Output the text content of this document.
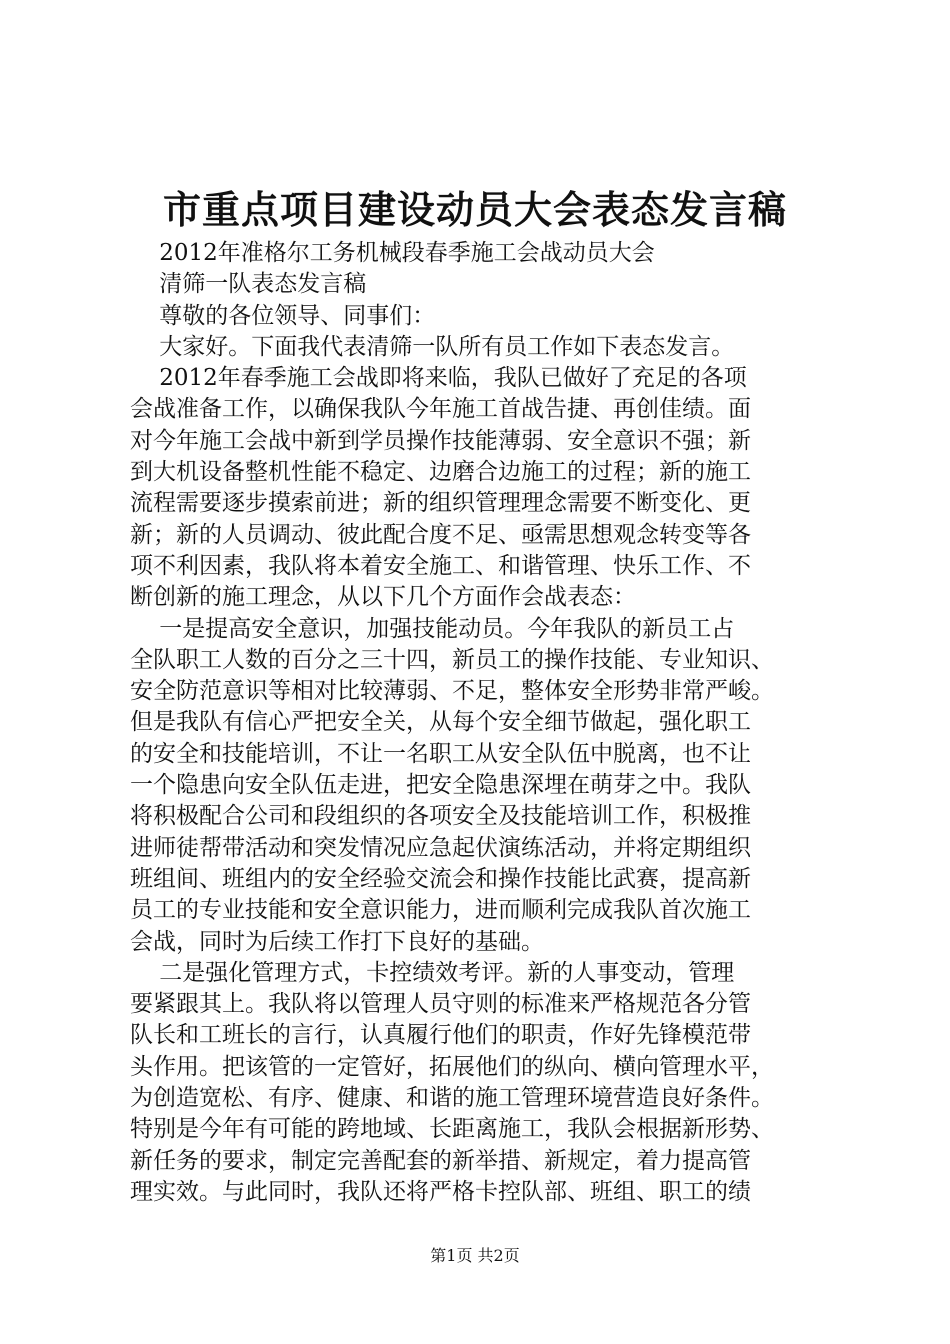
市重点项目建设动员大会表态发言稿
2012年准格尔工务机械段春季施工会战动员大会
清筛一队表态发言稿
尊敬的各位领导、同事们：
大家好。下面我代表清筛一队所有员工作如下表态发言。
2012年春季施工会战即将来临，我队已做好了充足的各项
会战准备工作，以确保我队今年施工首战告捷、再创佳绩。面
对今年施工会战中新到学员操作技能薄弱、安全意识不强；新
到大机设备整机性能不稳定、边磨合边施工的过程；新的施工
流程需要逐步摸索前进；新的组织管理理念需要不断变化、更
新；新的人员调动、彼此配合度不足、亟需思想观念转变等各
项不利因素，我队将本着安全施工、和谐管理、快乐工作、不
断创新的施工理念，从以下几个方面作会战表态：
一是提高安全意识，加强技能动员。今年我队的新员工占
全队职工人数的百分之三十四，新员工的操作技能、专业知识、
安全防范意识等相对比较薄弱、不足，整体安全形势非常严峻。
但是我队有信心严把安全关，从每个安全细节做起，强化职工
的安全和技能培训，不让一名职工从安全队伍中脱离，也不让
一个隐患向安全队伍走进，把安全隐患深埋在萌芽之中。我队
将积极配合公司和段组织的各项安全及技能培训工作，积极推
进师徒帮带活动和突发情况应急起伏演练活动，并将定期组织
班组间、班组内的安全经验交流会和操作技能比武赛，提高新
员工的专业技能和安全意识能力，进而顺利完成我队首次施工
会战，同时为后续工作打下良好的基础。
二是强化管理方式，卡控绩效考评。新的人事变动，管理
要紧跟其上。我队将以管理人员守则的标准来严格规范各分管
队长和工班长的言行，认真履行他们的职责，作好先锋模范带
头作用。把该管的一定管好，拓展他们的纵向、横向管理水平，
为创造宽松、有序、健康、和谐的施工管理环境营造良好条件。
特别是今年有可能的跨地域、长距离施工，我队会根据新形势、
新任务的要求，制定完善配套的新举措、新规定，着力提高管
理实效。与此同时，我队还将严格卡控队部、班组、职工的绩
第1页 共2页
